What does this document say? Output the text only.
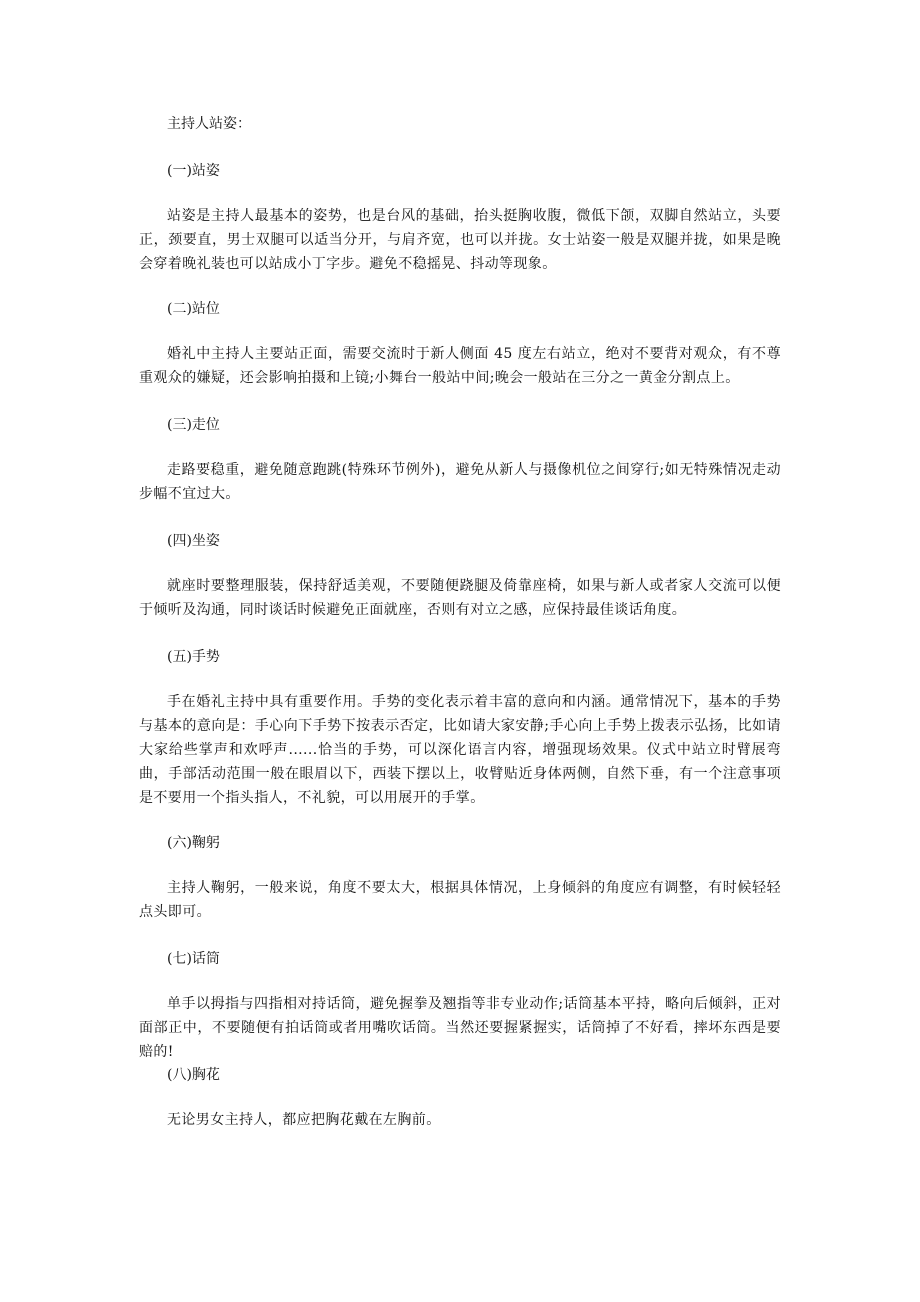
主持人站姿：
(一)站姿
站姿是主持人最基本的姿势，也是台风的基础，抬头挺胸收腹，微低下颌，双脚自然站立，头要正，颈要直，男士双腿可以适当分开，与肩齐宽，也可以并拢。女士站姿一般是双腿并拢，如果是晚会穿着晚礼装也可以站成小丁字步。避免不稳摇晃、抖动等现象。
(二)站位
婚礼中主持人主要站正面，需要交流时于新人侧面 45 度左右站立，绝对不要背对观众，有不尊重观众的嫌疑，还会影响拍摄和上镜;小舞台一般站中间;晚会一般站在三分之一黄金分割点上。
(三)走位
走路要稳重，避免随意跑跳(特殊环节例外)，避免从新人与摄像机位之间穿行;如无特殊情况走动步幅不宜过大。
(四)坐姿
就座时要整理服装，保持舒适美观，不要随便跷腿及倚靠座椅，如果与新人或者家人交流可以便于倾听及沟通，同时谈话时候避免正面就座，否则有对立之感，应保持最佳谈话角度。
(五)手势
手在婚礼主持中具有重要作用。手势的变化表示着丰富的意向和内涵。通常情况下，基本的手势与基本的意向是：手心向下手势下按表示否定，比如请大家安静;手心向上手势上拨表示弘扬，比如请大家给些掌声和欢呼声......恰当的手势，可以深化语言内容，增强现场效果。仪式中站立时臂展弯曲，手部活动范围一般在眼眉以下，西装下摆以上，收臂贴近身体两侧，自然下垂，有一个注意事项是不要用一个指头指人，不礼貌，可以用展开的手掌。
(六)鞠躬
主持人鞠躬，一般来说，角度不要太大，根据具体情况，上身倾斜的角度应有调整，有时候轻轻点头即可。
(七)话筒
单手以拇指与四指相对持话筒，避免握拳及翘指等非专业动作;话筒基本平持，略向后倾斜，正对面部正中，不要随便有拍话筒或者用嘴吹话筒。当然还要握紧握实，话筒掉了不好看，摔坏东西是要赔的!
(八)胸花
无论男女主持人，都应把胸花戴在左胸前。
